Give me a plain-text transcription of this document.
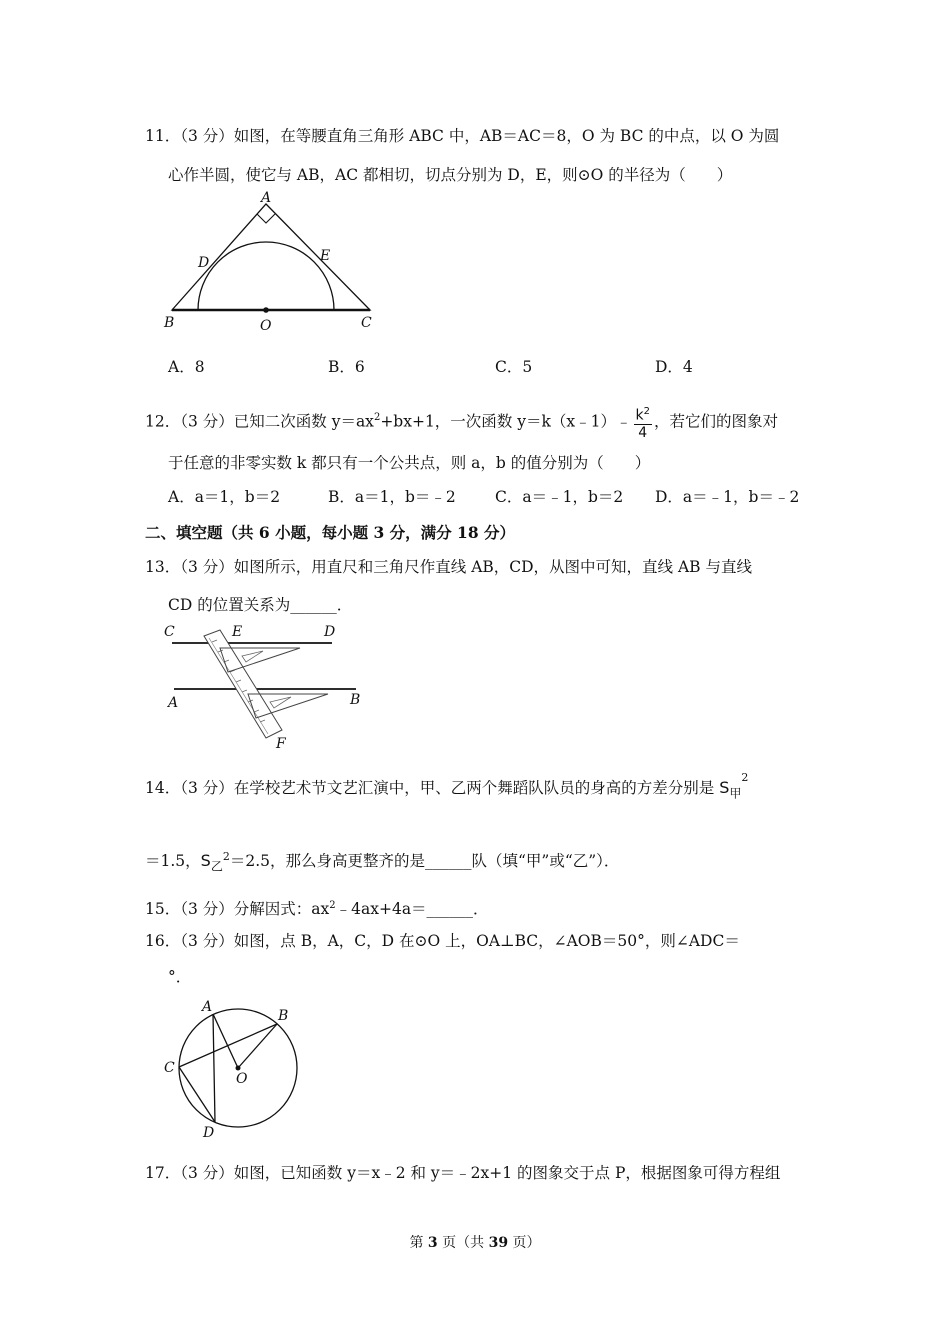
11．（3 分）如图，在等腰直角三角形 ABC 中，AB＝AC＝8，O 为 BC 的中点，以 O 为圆
心作半圆，使它与 AB，AC 都相切，切点分别为 D，E，则⊙O 的半径为（　　）
A
B	C
D	E
O
A．8	B．6	C．5	D．4
12．（3 分）已知二次函数 $y=ax^2+bx+1$，一次函数 y＝k（x﹣1）﹣ $\frac{k^2}{4}$ ，若它们的图象对
于任意的非零实数 k 都只有一个公共点，则 a，b 的值分别为（　　）
A．a＝1，b＝2	B．a＝1，b＝﹣2	C．a＝﹣1，b＝2 D．a＝﹣1，b＝﹣2
二、填空题（共 6 小题，每小题 3 分，满分 18 分）
13．（3 分）如图所示，用直尺和三角尺作直线 AB，CD，从图中可知，直线 AB 与直线
CD 的位置关系为______．
C	E	D
A	B
F
14．（3 分）在学校艺术节文艺汇演中，甲、乙两个舞蹈队队员的身高的方差分别是 $S_甲^2$
＝1.5，$S_乙^2=2.5$，那么身高更整齐的是______队（填“甲”或“乙”）．
15．（3 分）分解因式：$ax^2﹣4ax+4a=\_\_\_\_\_\_$．
16．（3 分）如图，点 B，A，C，D 在⊙O 上，OA⊥BC，∠AOB＝50°，则∠ADC＝
°．
A
B
C
D
O
17．（3 分）如图，已知函数 y＝x﹣2 和 y＝﹣2x+1 的图象交于点 P，根据图象可得方程组
第 3 页（共 39 页）
